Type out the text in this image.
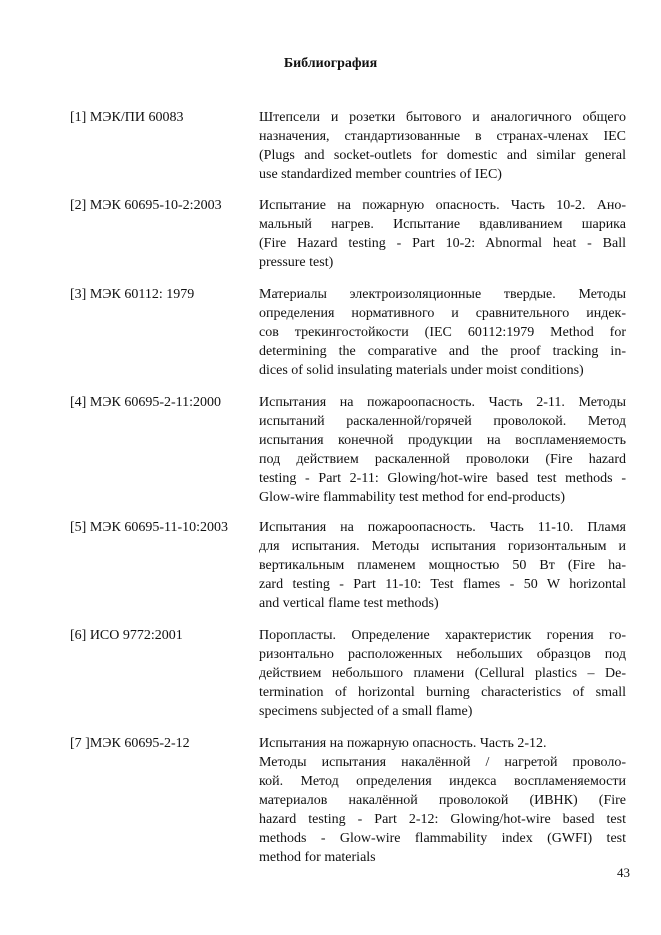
Библиография
[1] МЭК/ПИ 60083	Штепсели и розетки бытового и аналогичного общего
назначения, стандартизованные в странах-членах IEC
(Plugs and socket-outlets for domestic and similar general
use standardized member countries of IEC)
[2] МЭК 60695-10-2:2003	Испытание на пожарную опасность. Часть 10-2. Ано-
мальный нагрев. Испытание вдавливанием шарика
(Fire Hazard testing - Part 10-2: Abnormal heat - Ball
pressure test)
[3] МЭК 60112: 1979	Материалы электроизоляционные твердые. Методы
определения нормативного и сравнительного индек-
сов трекингостойкости (IEC 60112:1979 Method for
determining the comparative and the proof tracking in-
dices of solid insulating materials under moist conditions)
[4] МЭК 60695-2-11:2000	Испытания на пожароопасность. Часть 2-11. Методы
испытаний раскаленной/горячей проволокой. Метод
испытания конечной продукции на воспламеняемость
под действием раскаленной проволоки (Fire hazard
testing - Part 2-11: Glowing/hot-wire based test methods -
Glow-wire flammability test method for end-products)
[5] МЭК 60695-11-10:2003 Испытания на пожароопасность. Часть 11-10. Пламя
для испытания. Методы испытания горизонтальным и
вертикальным пламенем мощностью 50 Вт (Fire ha-
zard testing - Part 11-10: Test flames - 50 W horizontal
and vertical flame test methods)
[6] ИСО 9772:2001	Поропласты. Определение характеристик горения го-
ризонтально расположенных небольших образцов под
действием небольшого пламени (Cellural plastics – De-
termination of horizontal burning characteristics of small
specimens subjected of a small flame)
[7 ]МЭК 60695-2-12	Испытания на пожарную опасность. Часть 2-12.
Методы испытания накалённой / нагретой проволо-
кой. Метод определения индекса воспламеняемости
материалов накалённой проволокой (ИВНК) (Fire
hazard testing - Part 2-12: Glowing/hot-wire based test
methods - Glow-wire flammability index (GWFI) test
method for materials
43
